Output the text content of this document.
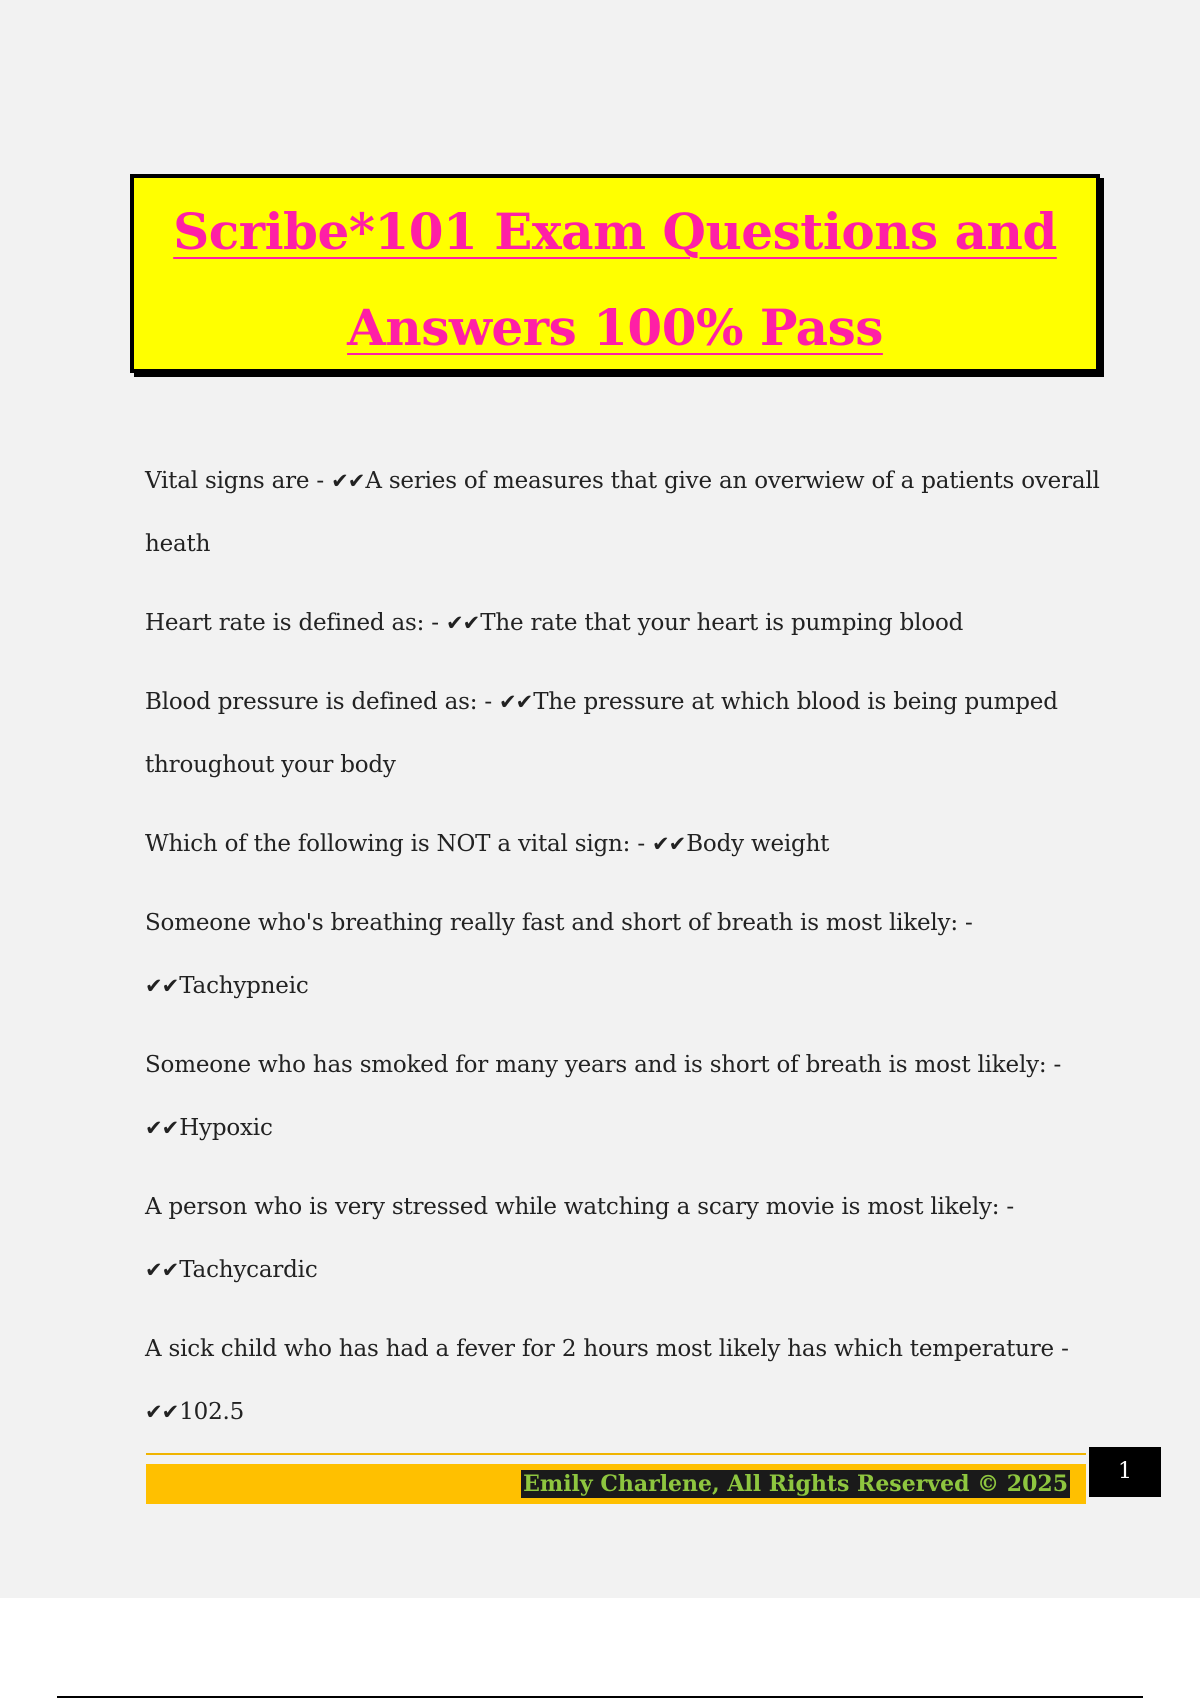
Scribe*101 Exam Questions and
Answers 100% Pass
Vital signs are - ✔✔A series of measures that give an overwiew of a patients overall
heath
Heart rate is defined as: - ✔✔The rate that your heart is pumping blood
Blood pressure is defined as: - ✔✔The pressure at which blood is being pumped
throughout your body
Which of the following is NOT a vital sign: - ✔✔Body weight
Someone who's breathing really fast and short of breath is most likely: - ✔✔Tachypneic
Someone who has smoked for many years and is short of breath is most likely: -
✔✔Hypoxic
A person who is very stressed while watching a scary movie is most likely: -
✔✔Tachycardic
A sick child who has had a fever for 2 hours most likely has which temperature -
✔✔102.5
Emily Charlene, All Rights Reserved © 2025	1
